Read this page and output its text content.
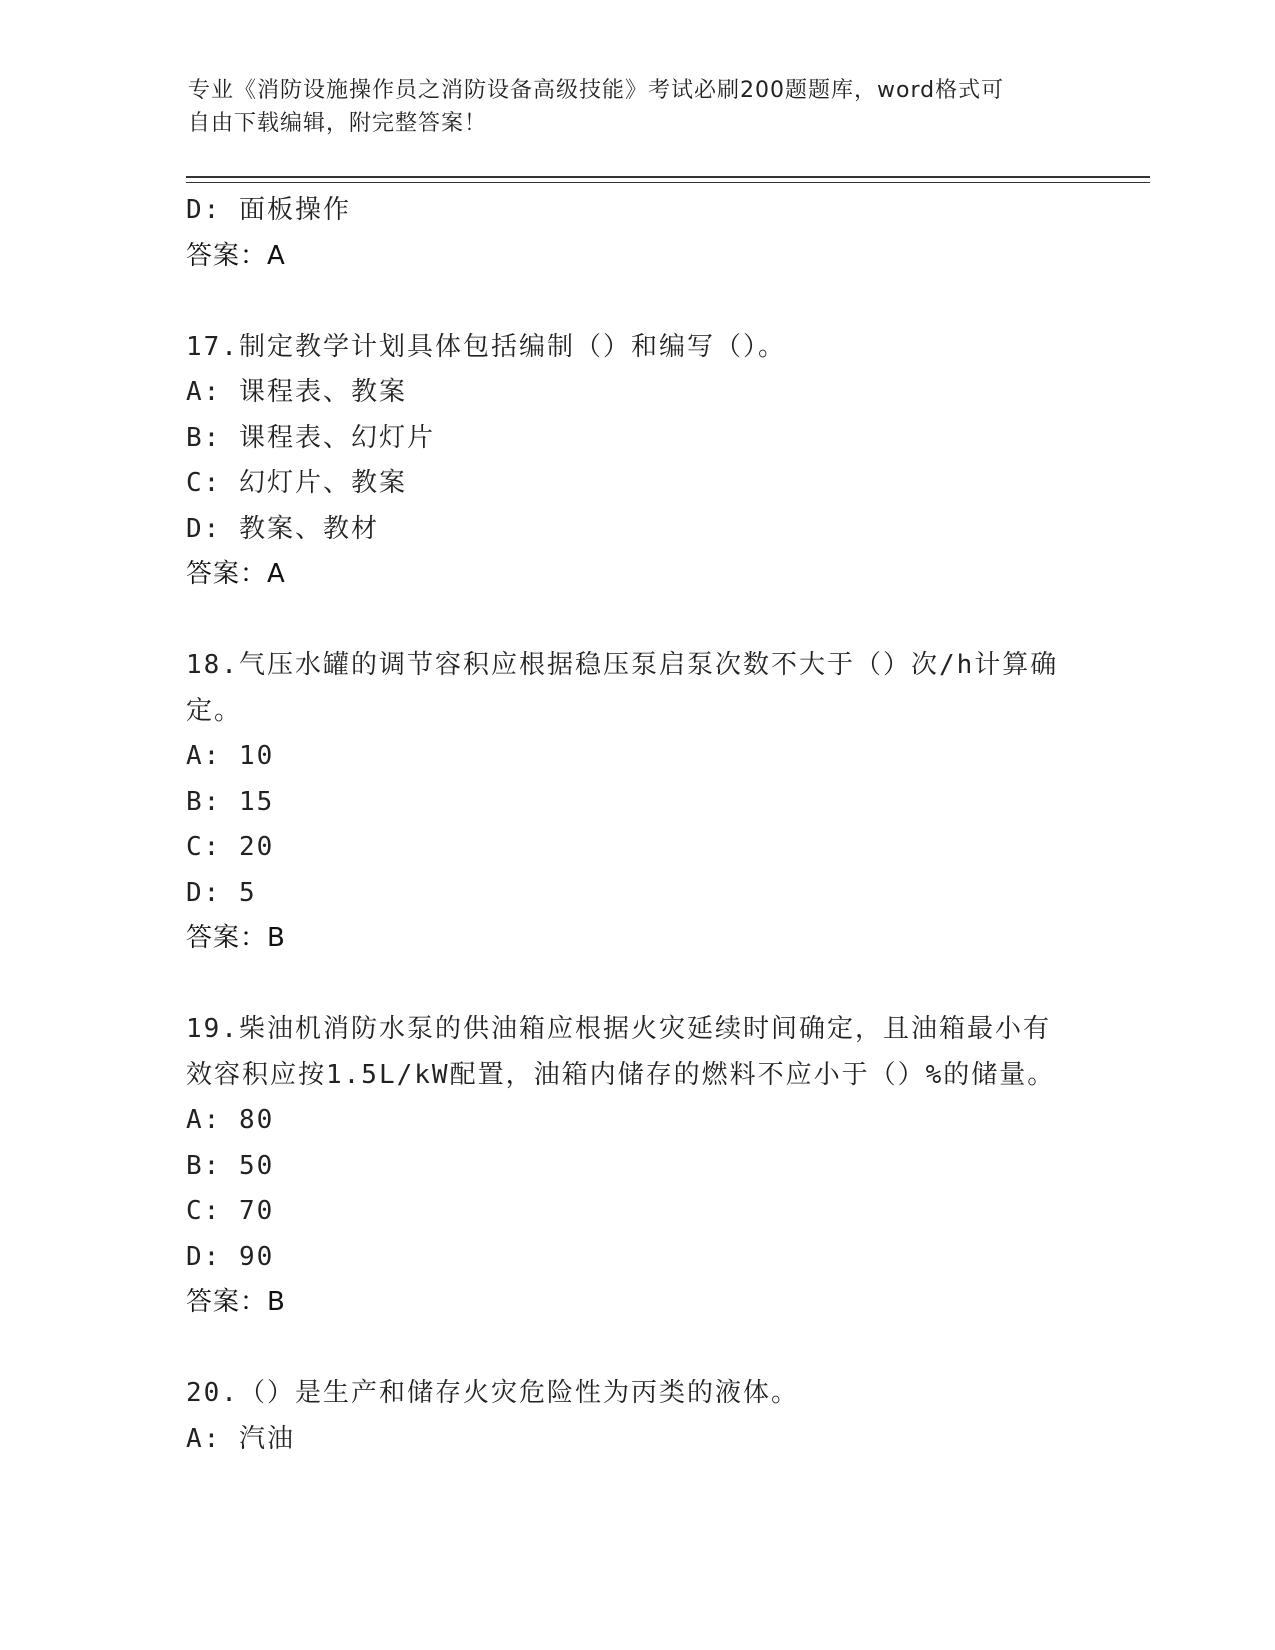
专业《消防设施操作员之消防设备高级技能》考试必刷200题题库，word格式可
自由下载编辑，附完整答案！
D: 面板操作
答案：A
17.制定教学计划具体包括编制（）和编写（）。
A: 课程表、教案
B: 课程表、幻灯片
C: 幻灯片、教案
D: 教案、教材
答案：A
18.气压水罐的调节容积应根据稳压泵启泵次数不大于（）次/h计算确
定。
A: 10
B: 15
C: 20
D: 5
答案：B
19.柴油机消防水泵的供油箱应根据火灾延续时间确定，且油箱最小有
效容积应按1.5L/kW配置，油箱内储存的燃料不应小于（）%的储量。
A: 80
B: 50
C: 70
D: 90
答案：B
20.（）是生产和储存火灾危险性为丙类的液体。
A: 汽油
